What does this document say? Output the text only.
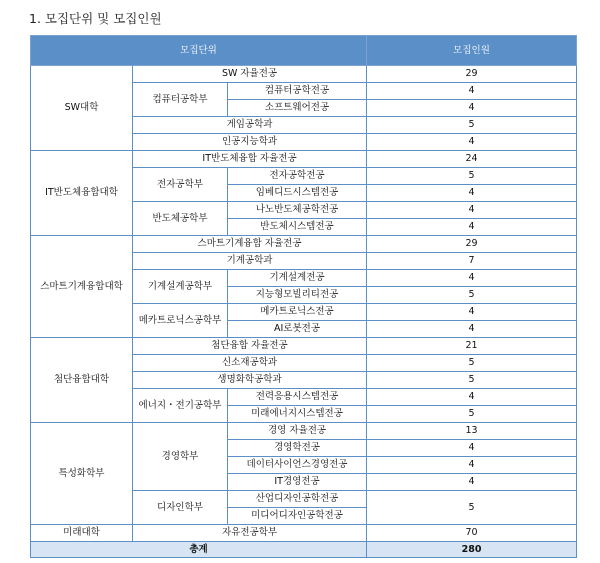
1. 모집단위 및 모집인원
모집단위			모집인원
SW대학	SW 자율전공		29
	컴퓨터공학부	컴퓨터공학전공	4
		소프트웨어전공	4
	게임공학과		5
	인공지능학과		4
IT반도체융합대학	IT반도체융합 자율전공		24
	전자공학부	전자공학전공	5
		임베디드시스템전공	4
	반도체공학부	나노반도체공학전공	4
		반도체시스템전공	4
스마트기계융합대학	스마트기계융합 자율전공		29
	기계공학과		7
	기계설계공학부	기계설계전공	4
		지능형모빌리티전공	5
	메카트로닉스공학부	메카트로닉스전공	4
		AI로봇전공	4
첨단융합대학	첨단융합 자율전공		21
	신소재공학과		5
	생명화학공학과		5
	에너지・전기공학부	전력응용시스템전공	4
		미래에너지시스템전공	5
특성화학부	경영학부	경영 자율전공	13
		경영학전공	4
		데이터사이언스경영전공	4
		IT경영전공	4
	디자인학부	산업디자인공학전공	5
		미디어디자인공학전공	
미래대학	자유전공학부		70
총계			280
